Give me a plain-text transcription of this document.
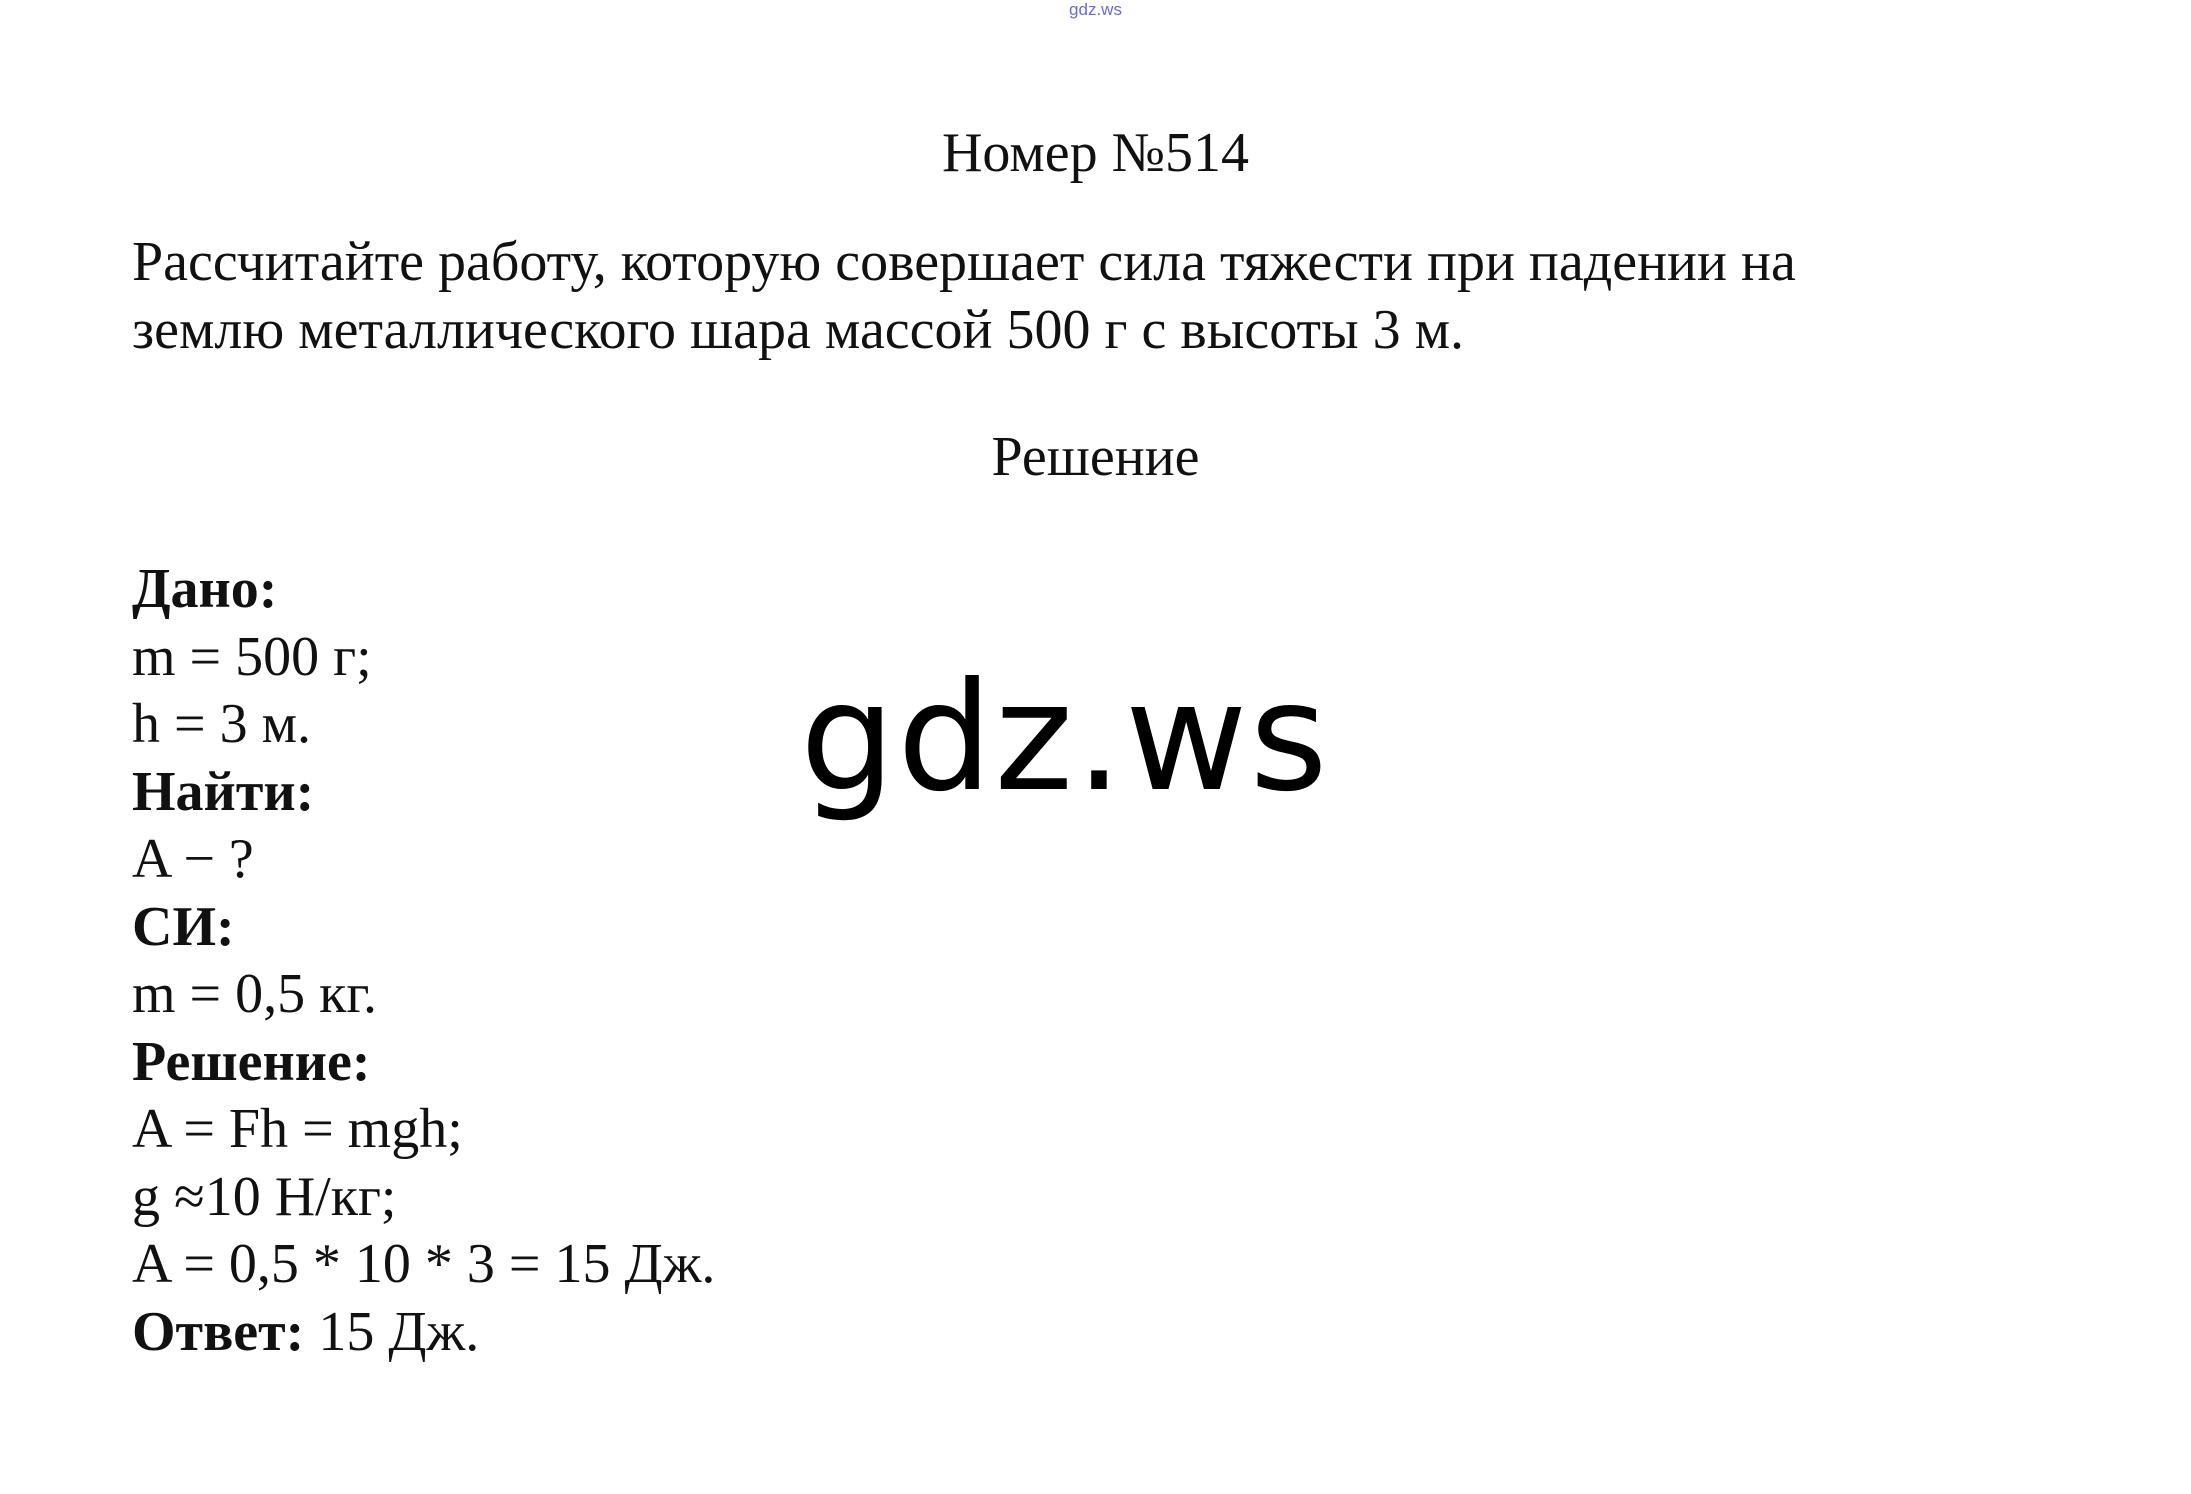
gdz.ws
Номер №514

Рассчитайте работу, которую совершает сила тяжести при падении на

землю металлического шара массой 500 г с высоты 3 м.

Решение
Дано:
m = 500 г;
h = 3 м.
Найти:
A − ?
СИ:
m = 0,5 кг.
Решение:
A = Fh = mgh;
g ≈10 Н/кг;
A = 0,5 * 10 * 3 = 15 Дж.
Ответ: 15 Дж.
gdz.ws
